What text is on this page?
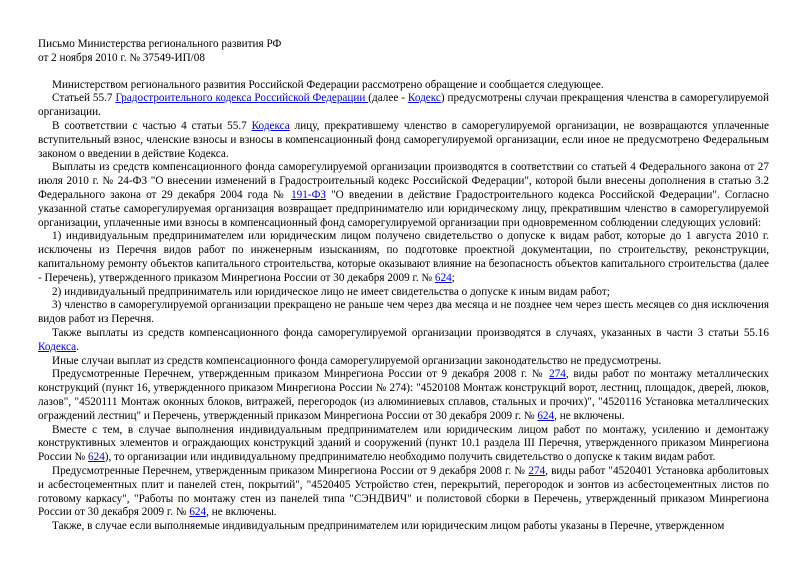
Письмо Министерства регионального развития РФ
от 2 ноября 2010 г. № 37549-ИП/08

Министерством регионального развития Российской Федерации рассмотрено обращение и сообщается следующее.

Статьей 55.7 Градостроительного кодекса Российской Федерации (далее - Кодекс) предусмотрены случаи прекращения членства в саморегулируемой организации.

В соответствии с частью 4 статьи 55.7 Кодекса лицу, прекратившему членство в саморегулируемой организации, не возвращаются уплаченные вступительный взнос, членские взносы и взносы в компенсационный фонд саморегулируемой организации, если иное не предусмотрено Федеральным законом о введении в действие Кодекса.

Выплаты из средств компенсационного фонда саморегулируемой организации производятся в соответствии со статьей 4 Федерального закона от 27 июля 2010 г. № 24-ФЗ "О внесении изменений в Градостроительный кодекс Российской Федерации", которой были внесены дополнения в статью 3.2 Федерального закона от 29 декабря 2004 года № 191-ФЗ "О введении в действие Градостроительного кодекса Российской Федерации". Согласно указанной статье саморегулируемая организация возвращает предпринимателю или юридическому лицу, прекратившим членство в саморегулируемой организации, уплаченные ими взносы в компенсационный фонд саморегулируемой организации при одновременном соблюдении следующих условий:

1) индивидуальным предпринимателем или юридическим лицом получено свидетельство о допуске к видам работ, которые до 1 августа 2010 г. исключены из Перечня видов работ по инженерным изысканиям, по подготовке проектной документации, по строительству, реконструкции, капитальному ремонту объектов капитального строительства, которые оказывают влияние на безопасность объектов капитального строительства (далее - Перечень), утвержденного приказом Минрегиона России от 30 декабря 2009 г. № 624;

2) индивидуальный предприниматель или юридическое лицо не имеет свидетельства о допуске к иным видам работ;

3) членство в саморегулируемой организации прекращено не раньше чем через два месяца и не позднее чем через шесть месяцев со дня исключения видов работ из Перечня.

Также выплаты из средств компенсационного фонда саморегулируемой организации производятся в случаях, указанных в части 3 статьи 55.16 Кодекса.

Иные случаи выплат из средств компенсационного фонда саморегулируемой организации законодательство не предусмотрены.

Предусмотренные Перечнем, утвержденным приказом Минрегиона России от 9 декабря 2008 г. № 274, виды работ по монтажу металлических конструкций (пункт 16, утвержденного приказом Минрегиона России № 274): "4520108 Монтаж конструкций ворот, лестниц, площадок, дверей, люков, лазов", "4520111 Монтаж оконных блоков, витражей, перегородок (из алюминиевых сплавов, стальных и прочих)", "4520116 Установка металлических ограждений лестниц" и Перечень, утвержденный приказом Минрегиона России от 30 декабря 2009 г. № 624, не включены.

Вместе с тем, в случае выполнения индивидуальным предпринимателем или юридическим лицом работ по монтажу, усилению и демонтажу конструктивных элементов и ограждающих конструкций зданий и сооружений (пункт 10.1 раздела III Перечня, утвержденного приказом Минрегиона России № 624), то организации или индивидуальному предпринимателю необходимо получить свидетельство о допуске к таким видам работ.

Предусмотренные Перечнем, утвержденным приказом Минрегиона России от 9 декабря 2008 г. № 274, виды работ "4520401 Установка арболитовых и асбестоцементных плит и панелей стен, покрытий", "4520405 Устройство стен, перекрытий, перегородок и зонтов из асбестоцементных листов по готовому каркасу", "Работы по монтажу стен из панелей типа "СЭНДВИЧ" и полистовой сборки в Перечень, утвержденный приказом Минрегиона России от 30 декабря 2009 г. № 624, не включены.

Также, в случае если выполняемые индивидуальным предпринимателем или юридическим лицом работы указаны в Перечне, утвержденном
